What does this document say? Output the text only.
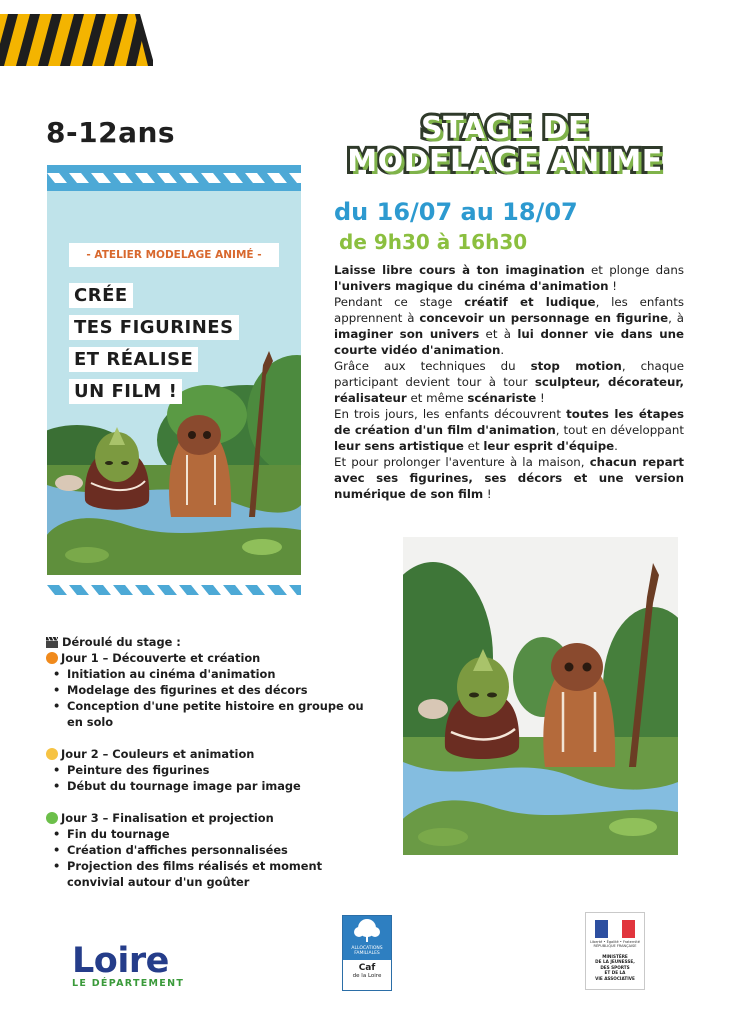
8-12ans	STAGE DE
MODELAGE ANIME
du 16/07 au 18/07
de 9h30 à 16h30

Laisse libre cours à ton imagination et plonge dans l'univers magique du cinéma d'animation !

Pendant ce stage créatif et ludique, les enfants apprennent à concevoir un personnage en figurine, à imaginer son univers et à lui donner vie dans une courte vidéo d'animation.

Grâce aux techniques du stop motion, chaque participant devient tour à tour sculpteur, décorateur, réalisateur et même scénariste !

En trois jours, les enfants découvrent toutes les étapes de création d'un film d'animation, tout en développant leur sens artistique et leur esprit d'équipe.

Et pour prolonger l'aventure à la maison, chacun repart avec ses figurines, ses décors et une version numérique de son film !

- ATELIER MODELAGE ANIMÉ -
CRÉE
TES FIGURINES
ET RÉALISE
UN FILM !
Déroulé du stage :
Jour 1 – Découverte et création
• Initiation au cinéma d'animation
• Modelage des figurines et des décors
• Conception d'une petite histoire en groupe ou en solo
Jour 2 – Couleurs et animation
• Peinture des figurines
• Début du tournage image par image
Jour 3 – Finalisation et projection
• Fin du tournage
• Création d'affiches personnalisées
• Projection des films réalisés et moment convivial autour d'un goûter
Loire
LE DÉPARTEMENT
ALLOCATIONS FAMILIALES
Caf
de la Loire
Liberté • Égalité • Fraternité RÉPUBLIQUE FRANÇAISE
MINISTÈRE
DE LA JEUNESSE,
DES SPORTS
ET DE LA
VIE ASSOCIATIVE
